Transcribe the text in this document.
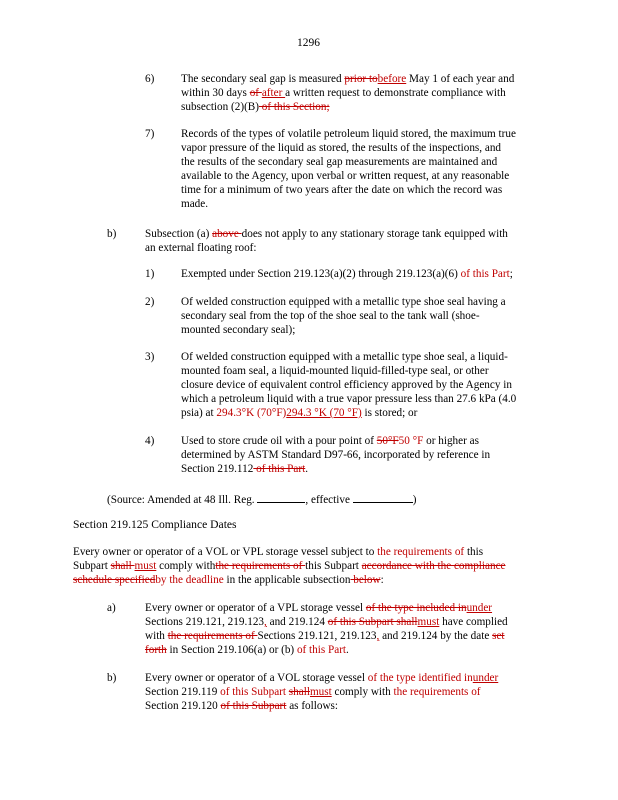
1296
6) The secondary seal gap is measured prior tobefore May 1 of each year and
within 30 days of after a written request to demonstrate compliance with
subsection (2)(B) of this Section;
7) Records of the types of volatile petroleum liquid stored, the maximum true
vapor pressure of the liquid as stored, the results of the inspections, and
the results of the secondary seal gap measurements are maintained and
available to the Agency, upon verbal or written request, at any reasonable
time for a minimum of two years after the date on which the record was
made.
b)	Subsection (a) above does not apply to any stationary storage tank equipped with
an external floating roof:
1) Exempted under Section 219.123(a)(2) through 219.123(a)(6) of this Part;
2) Of welded construction equipped with a metallic type shoe seal having a
secondary seal from the top of the shoe seal to the tank wall (shoe-
mounted secondary seal);
3) Of welded construction equipped with a metallic type shoe seal, a liquid-
mounted foam seal, a liquid-mounted liquid-filled-type seal, or other
closure device of equivalent control efficiency approved by the Agency in
which a petroleum liquid with a true vapor pressure less than 27.6 kPa (4.0
psia) at 294.3°K (70°F)294.3 °K (70 °F) is stored; or
4) Used to store crude oil with a pour point of 50°F50 °F or higher as
determined by ASTM Standard D97-66, incorporated by reference in
Section 219.112 of this Part.
(Source: Amended at 48 Ill. Reg.	, effective	)
Section 219.125 Compliance Dates
Every owner or operator of a VOL or VPL storage vessel subject to the requirements of this
Subpart shall must comply withthe requirements of this Subpart accordance with the compliance
schedule specifiedby the deadline in the applicable subsection below:
a)	Every owner or operator of a VPL storage vessel of the type included inunder
Sections 219.121, 219.123, and 219.124 of this Subpart shallmust have complied
with the requirements of Sections 219.121, 219.123, and 219.124 by the date set
forth in Section 219.106(a) or (b) of this Part.
b)	Every owner or operator of a VOL storage vessel of the type identified inunder
Section 219.119 of this Subpart shallmust comply with the requirements of
Section 219.120 of this Subpart as follows:
